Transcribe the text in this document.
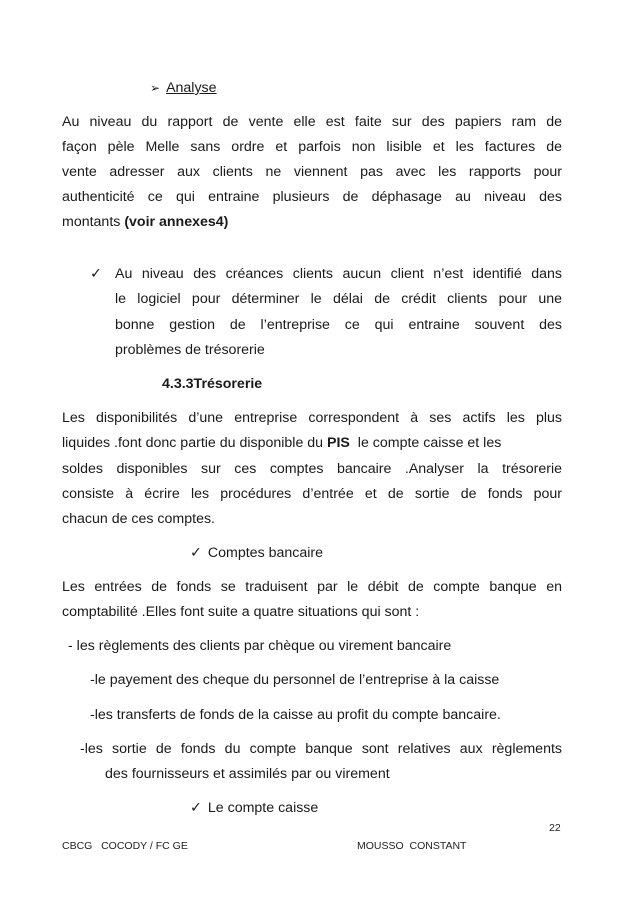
➢ Analyse
Au niveau du rapport de vente elle est faite sur des papiers ram de
façon pèle Melle sans ordre et parfois non lisible et les factures de
vente adresser aux clients ne viennent pas avec les rapports pour
authenticité ce qui entraine plusieurs de déphasage au niveau des
montants (voir annexes4)
✓ Au niveau des créances clients aucun client n’est identifié dans
le logiciel pour déterminer le délai de crédit clients pour une
bonne gestion de l’entreprise ce qui entraine souvent des
problèmes de trésorerie
4.3.3Trésorerie
Les disponibilités d’une entreprise correspondent à ses actifs les plus
liquides .font donc partie du disponible du PIS  le compte caisse et les
soldes disponibles sur ces comptes bancaire .Analyser la trésorerie
consiste à écrire les procédures d’entrée et de sortie de fonds pour
chacun de ces comptes.
✓ Comptes bancaire
Les entrées de fonds se traduisent par le débit de compte banque en
comptabilité .Elles font suite a quatre situations qui sont :
- les règlements des clients par chèque ou virement bancaire
-le payement des cheque du personnel de l’entreprise à la caisse
-les transferts de fonds de la caisse au profit du compte bancaire.
-les sortie de fonds du compte banque sont relatives aux règlements
des fournisseurs et assimilés par ou virement
✓ Le compte caisse
22
CBCG   COCODY / FC GE	MOUSSO  CONSTANT
